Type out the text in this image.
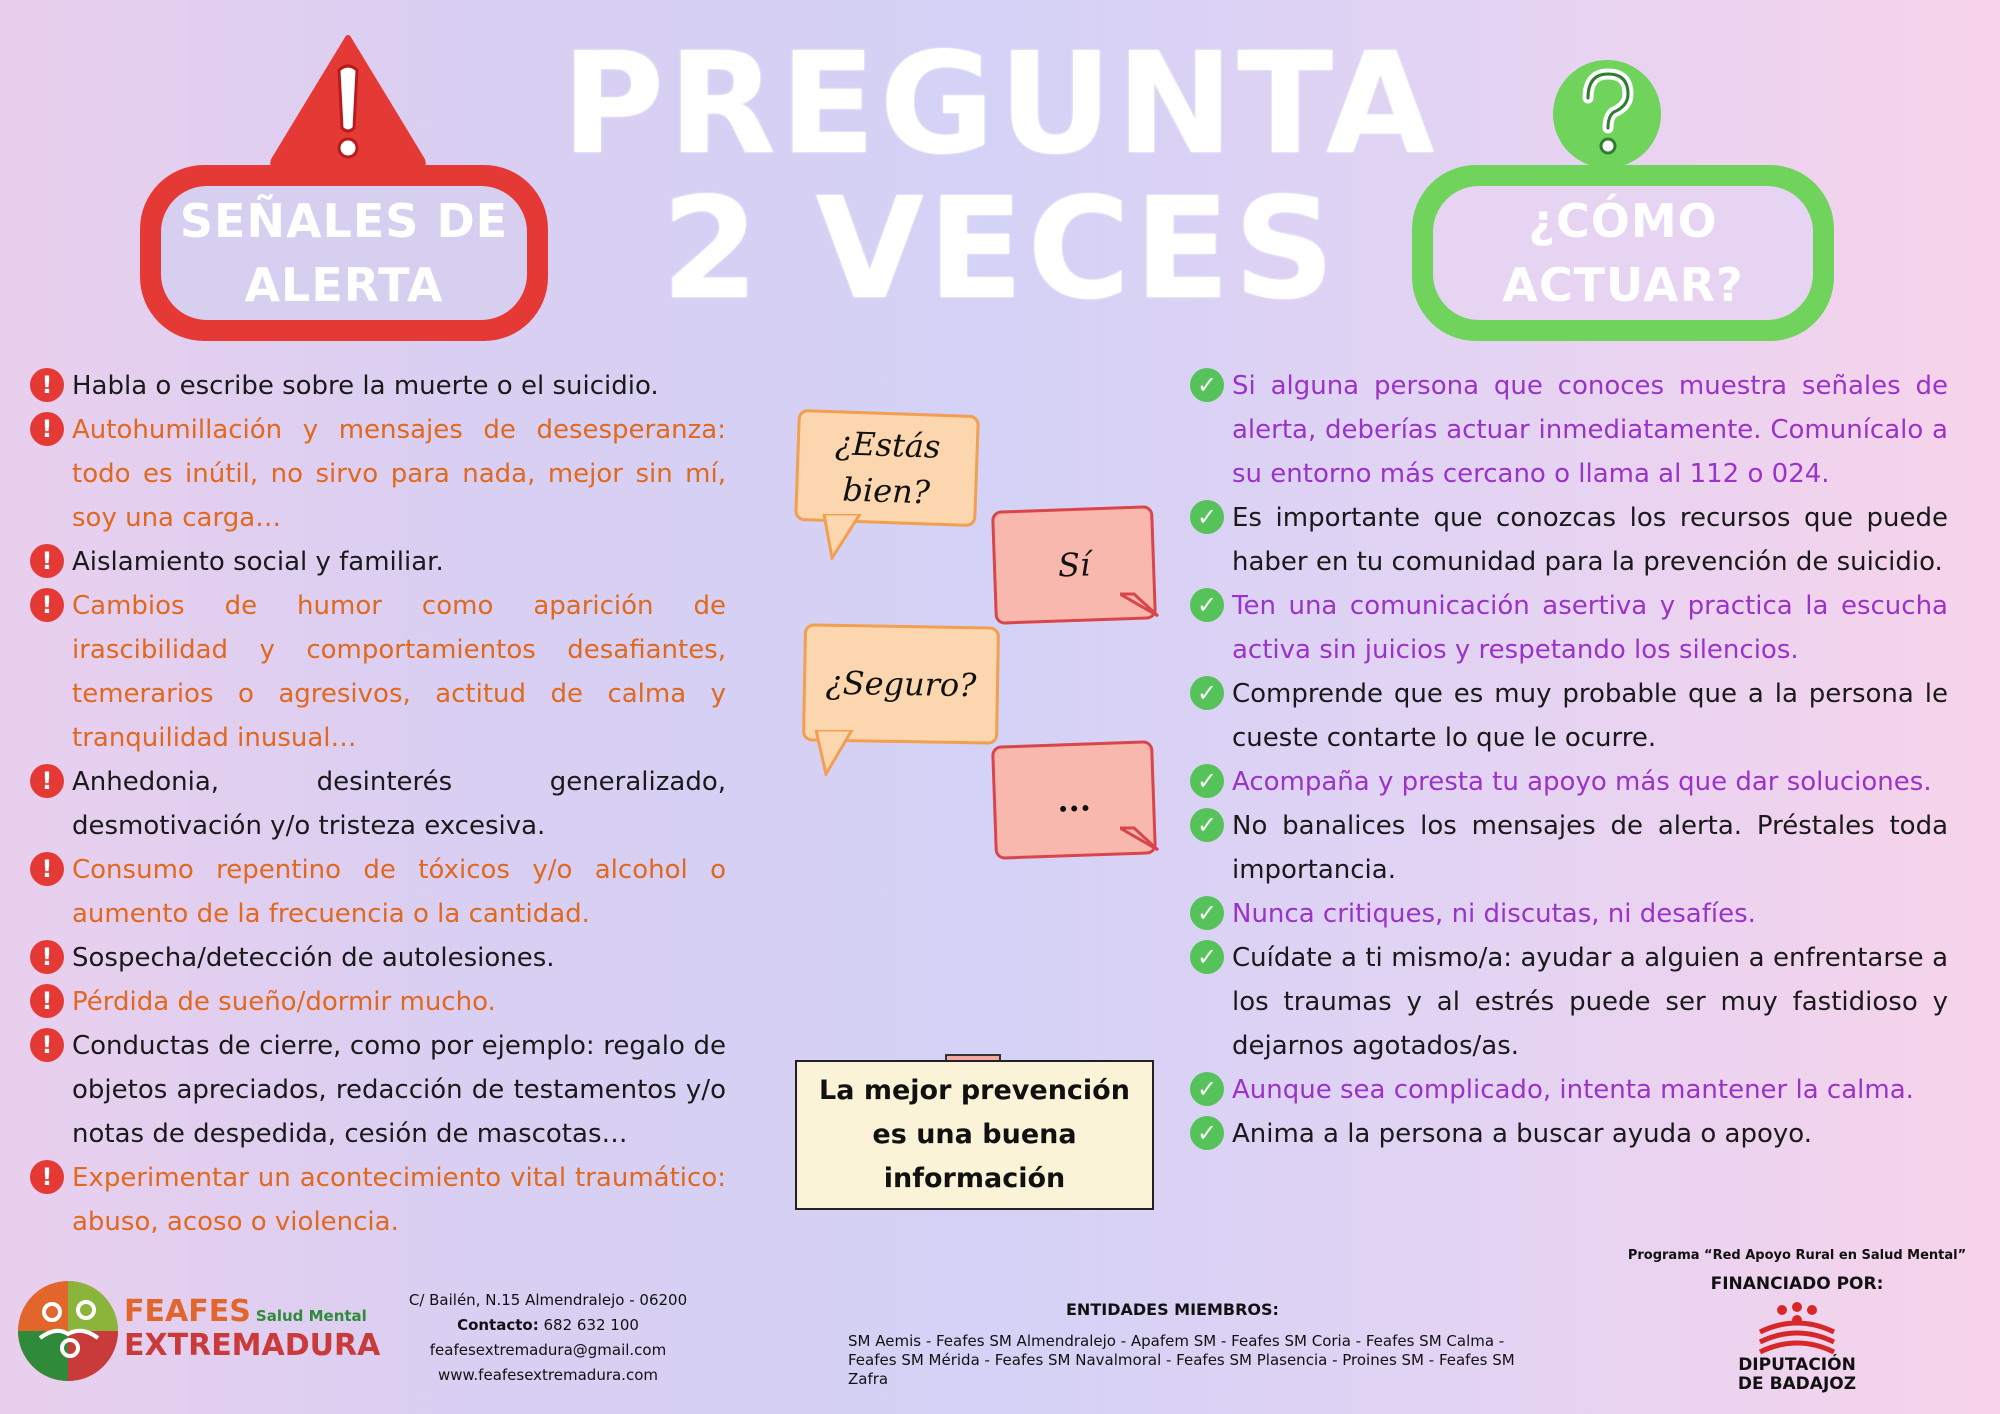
PREGUNTA
2 VECES
SEÑALES DE
ALERTA
¿CÓMO
ACTUAR?
! Habla o escribe sobre la muerte o el suicidio.
! Autohumillación y mensajes de desesperanza: todo es inútil, no sirvo para nada, mejor sin mí, soy una carga…
! Aislamiento social y familiar.
! Cambios de humor como aparición de irascibilidad y comportamientos desafiantes, temerarios o agresivos, actitud de calma y tranquilidad inusual…
! Anhedonia, desinterés generalizado, desmotivación y/o tristeza excesiva.
! Consumo repentino de tóxicos y/o alcohol o aumento de la frecuencia o la cantidad.
! Sospecha/detección de autolesiones.
! Pérdida de sueño/dormir mucho.
! Conductas de cierre, como por ejemplo: regalo de objetos apreciados, redacción de testamentos y/o notas de despedida, cesión de mascotas…
! Experimentar un acontecimiento vital traumático: abuso, acoso o violencia.
✓ Si alguna persona que conoces muestra señales de alerta, deberías actuar inmediatamente. Comunícalo a su entorno más cercano o llama al 112 o 024.
✓ Es importante que conozcas los recursos que puede haber en tu comunidad para la prevención de suicidio.
✓ Ten una comunicación asertiva y practica la escucha activa sin juicios y respetando los silencios.
✓ Comprende que es muy probable que a la persona le cueste contarte lo que le ocurre.
✓ Acompaña y presta tu apoyo más que dar soluciones.
✓ No banalices los mensajes de alerta. Préstales toda importancia.
✓ Nunca critiques, ni discutas, ni desafíes.
✓ Cuídate a ti mismo/a: ayudar a alguien a enfrentarse a los traumas y al estrés puede ser muy fastidioso y dejarnos agotados/as.
✓ Aunque sea complicado, intenta mantener la calma.
✓ Anima a la persona a buscar ayuda o apoyo.
¿Estás bien?
Sí
¿Seguro?
...
La mejor prevención es una buena información
FEAFES Salud Mental
EXTREMADURA
C/ Bailén, N.15 Almendralejo - 06200
Contacto: 682 632 100
feafesextremadura@gmail.com
www.feafesextremadura.com
ENTIDADES MIEMBROS:
SM Aemis - Feafes SM Almendralejo - Apafem SM - Feafes SM Coria - Feafes SM Calma -Feafes SM Mérida - Feafes SM Navalmoral - Feafes SM Plasencia - Proines SM - Feafes SM Zafra
Programa “Red Apoyo Rural en Salud Mental”
FINANCIADO POR:
DIPUTACIÓN
DE BADAJOZ
